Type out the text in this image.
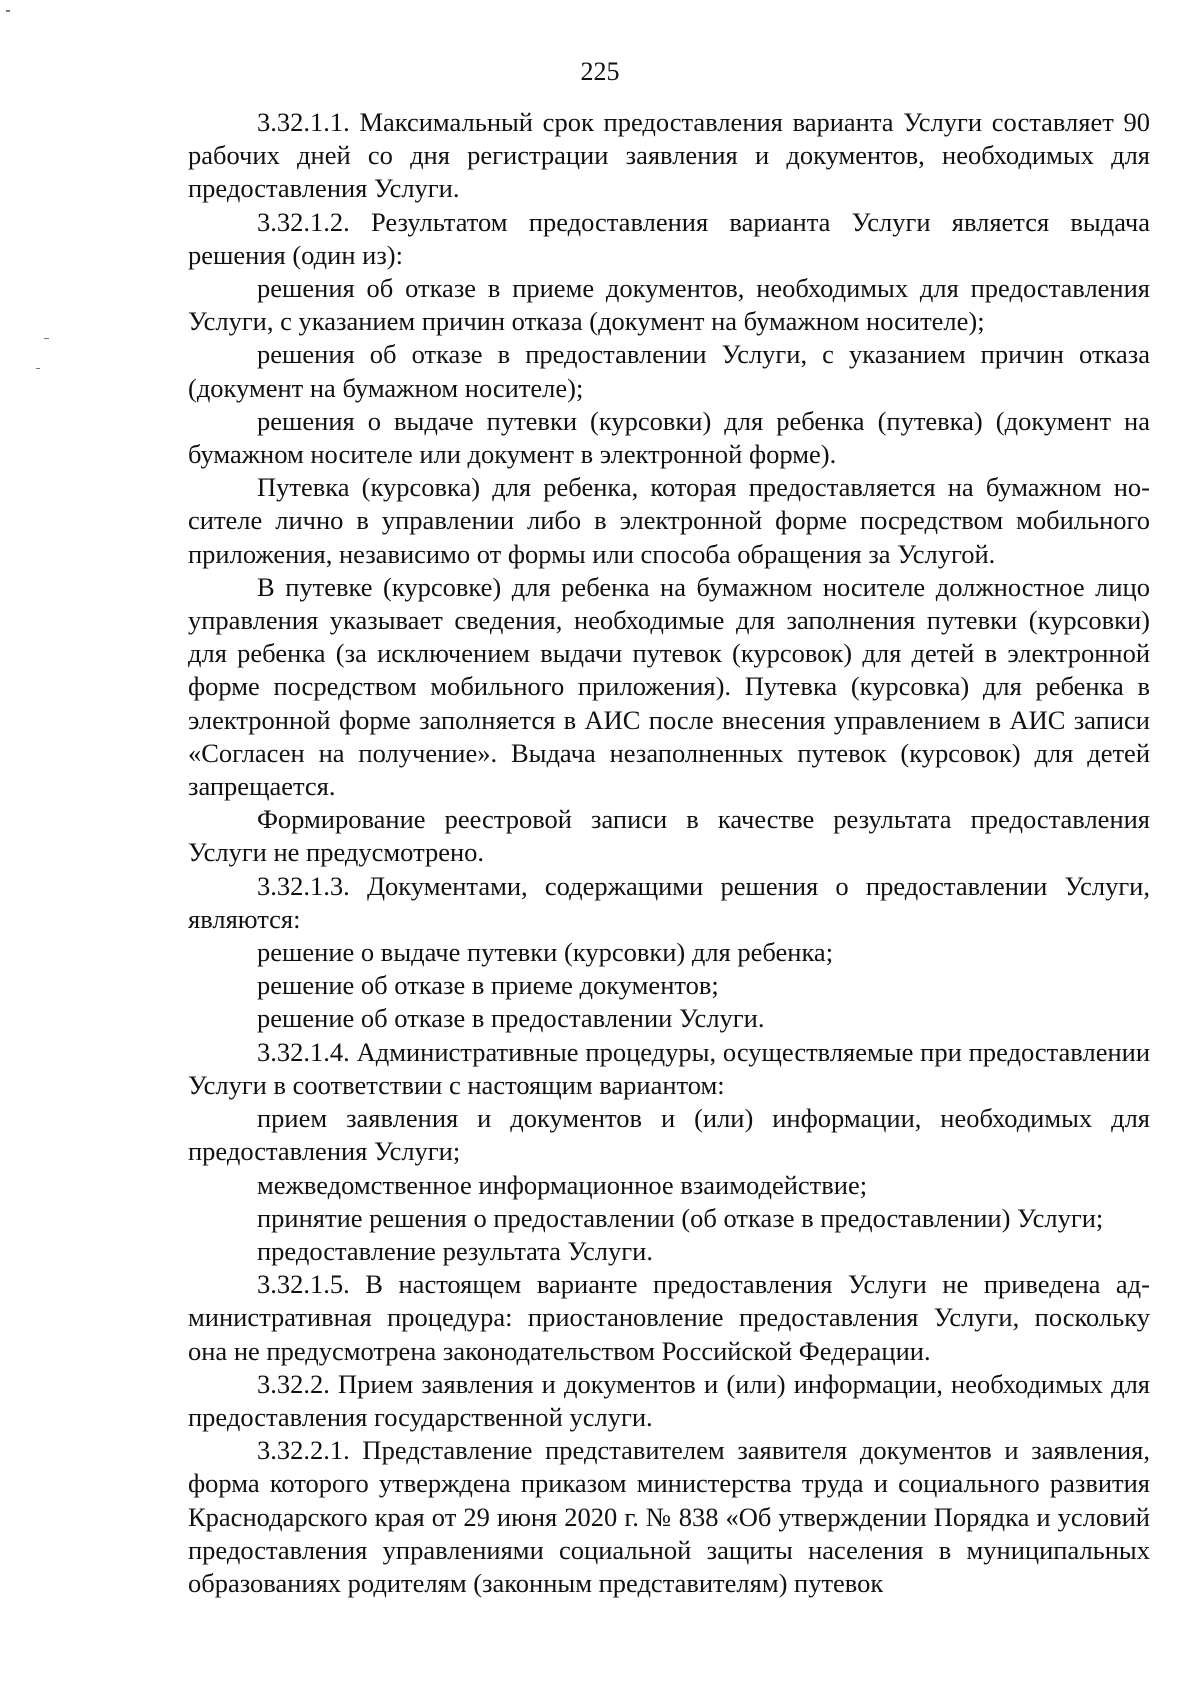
225

3.32.1.1. Максимальный срок предоставления варианта Услуги составляет 90 рабочих дней со дня регистрации заявления и документов, необходимых для предоставления Услуги.

3.32.1.2. Результатом предоставления варианта Услуги является выдача решения (один из):

решения об отказе в приеме документов, необходимых для предоставления Услуги, с указанием причин отказа (документ на бумажном носителе);

решения об отказе в предоставлении Услуги, с указанием причин отказа (документ на бумажном носителе);

решения о выдаче путевки (курсовки) для ребенка (путевка) (документ на бумажном носителе или документ в электронной форме).

Путевка (курсовка) для ребенка, которая предоставляется на бумажном носителе лично в управлении либо в электронной форме посредством мобильного приложения, независимо от формы или способа обращения за Услугой.

В путевке (курсовке) для ребенка на бумажном носителе должностное лицо управления указывает сведения, необходимые для заполнения путевки (курсовки) для ребенка (за исключением выдачи путевок (курсовок) для детей в электронной форме посредством мобильного приложения). Путевка (курсовка) для ребенка в электронной форме заполняется в АИС после внесения управлением в АИС записи «Согласен на получение». Выдача незаполненных путевок (курсовок) для детей запрещается.

Формирование реестровой записи в качестве результата предоставления Услуги не предусмотрено.

3.32.1.3. Документами, содержащими решения о предоставлении Услуги, являются:

решение о выдаче путевки (курсовки) для ребенка;

решение об отказе в приеме документов;

решение об отказе в предоставлении Услуги.

3.32.1.4. Административные процедуры, осуществляемые при предоставлении Услуги в соответствии с настоящим вариантом:

прием заявления и документов и (или) информации, необходимых для предоставления Услуги;

межведомственное информационное взаимодействие;

принятие решения о предоставлении (об отказе в предоставлении) Услуги;

предоставление результата Услуги.

3.32.1.5. В настоящем варианте предоставления Услуги не приведена административная процедура: приостановление предоставления Услуги, поскольку она не предусмотрена законодательством Российской Федерации.

3.32.2. Прием заявления и документов и (или) информации, необходимых для предоставления государственной услуги.

3.32.2.1. Представление представителем заявителя документов и заявления, форма которого утверждена приказом министерства труда и социального развития Краснодарского края от 29 июня 2020 г. № 838 «Об утверждении Порядка и условий предоставления управлениями социальной защиты населения в муниципальных образованиях родителям (законным представителям) путевок
